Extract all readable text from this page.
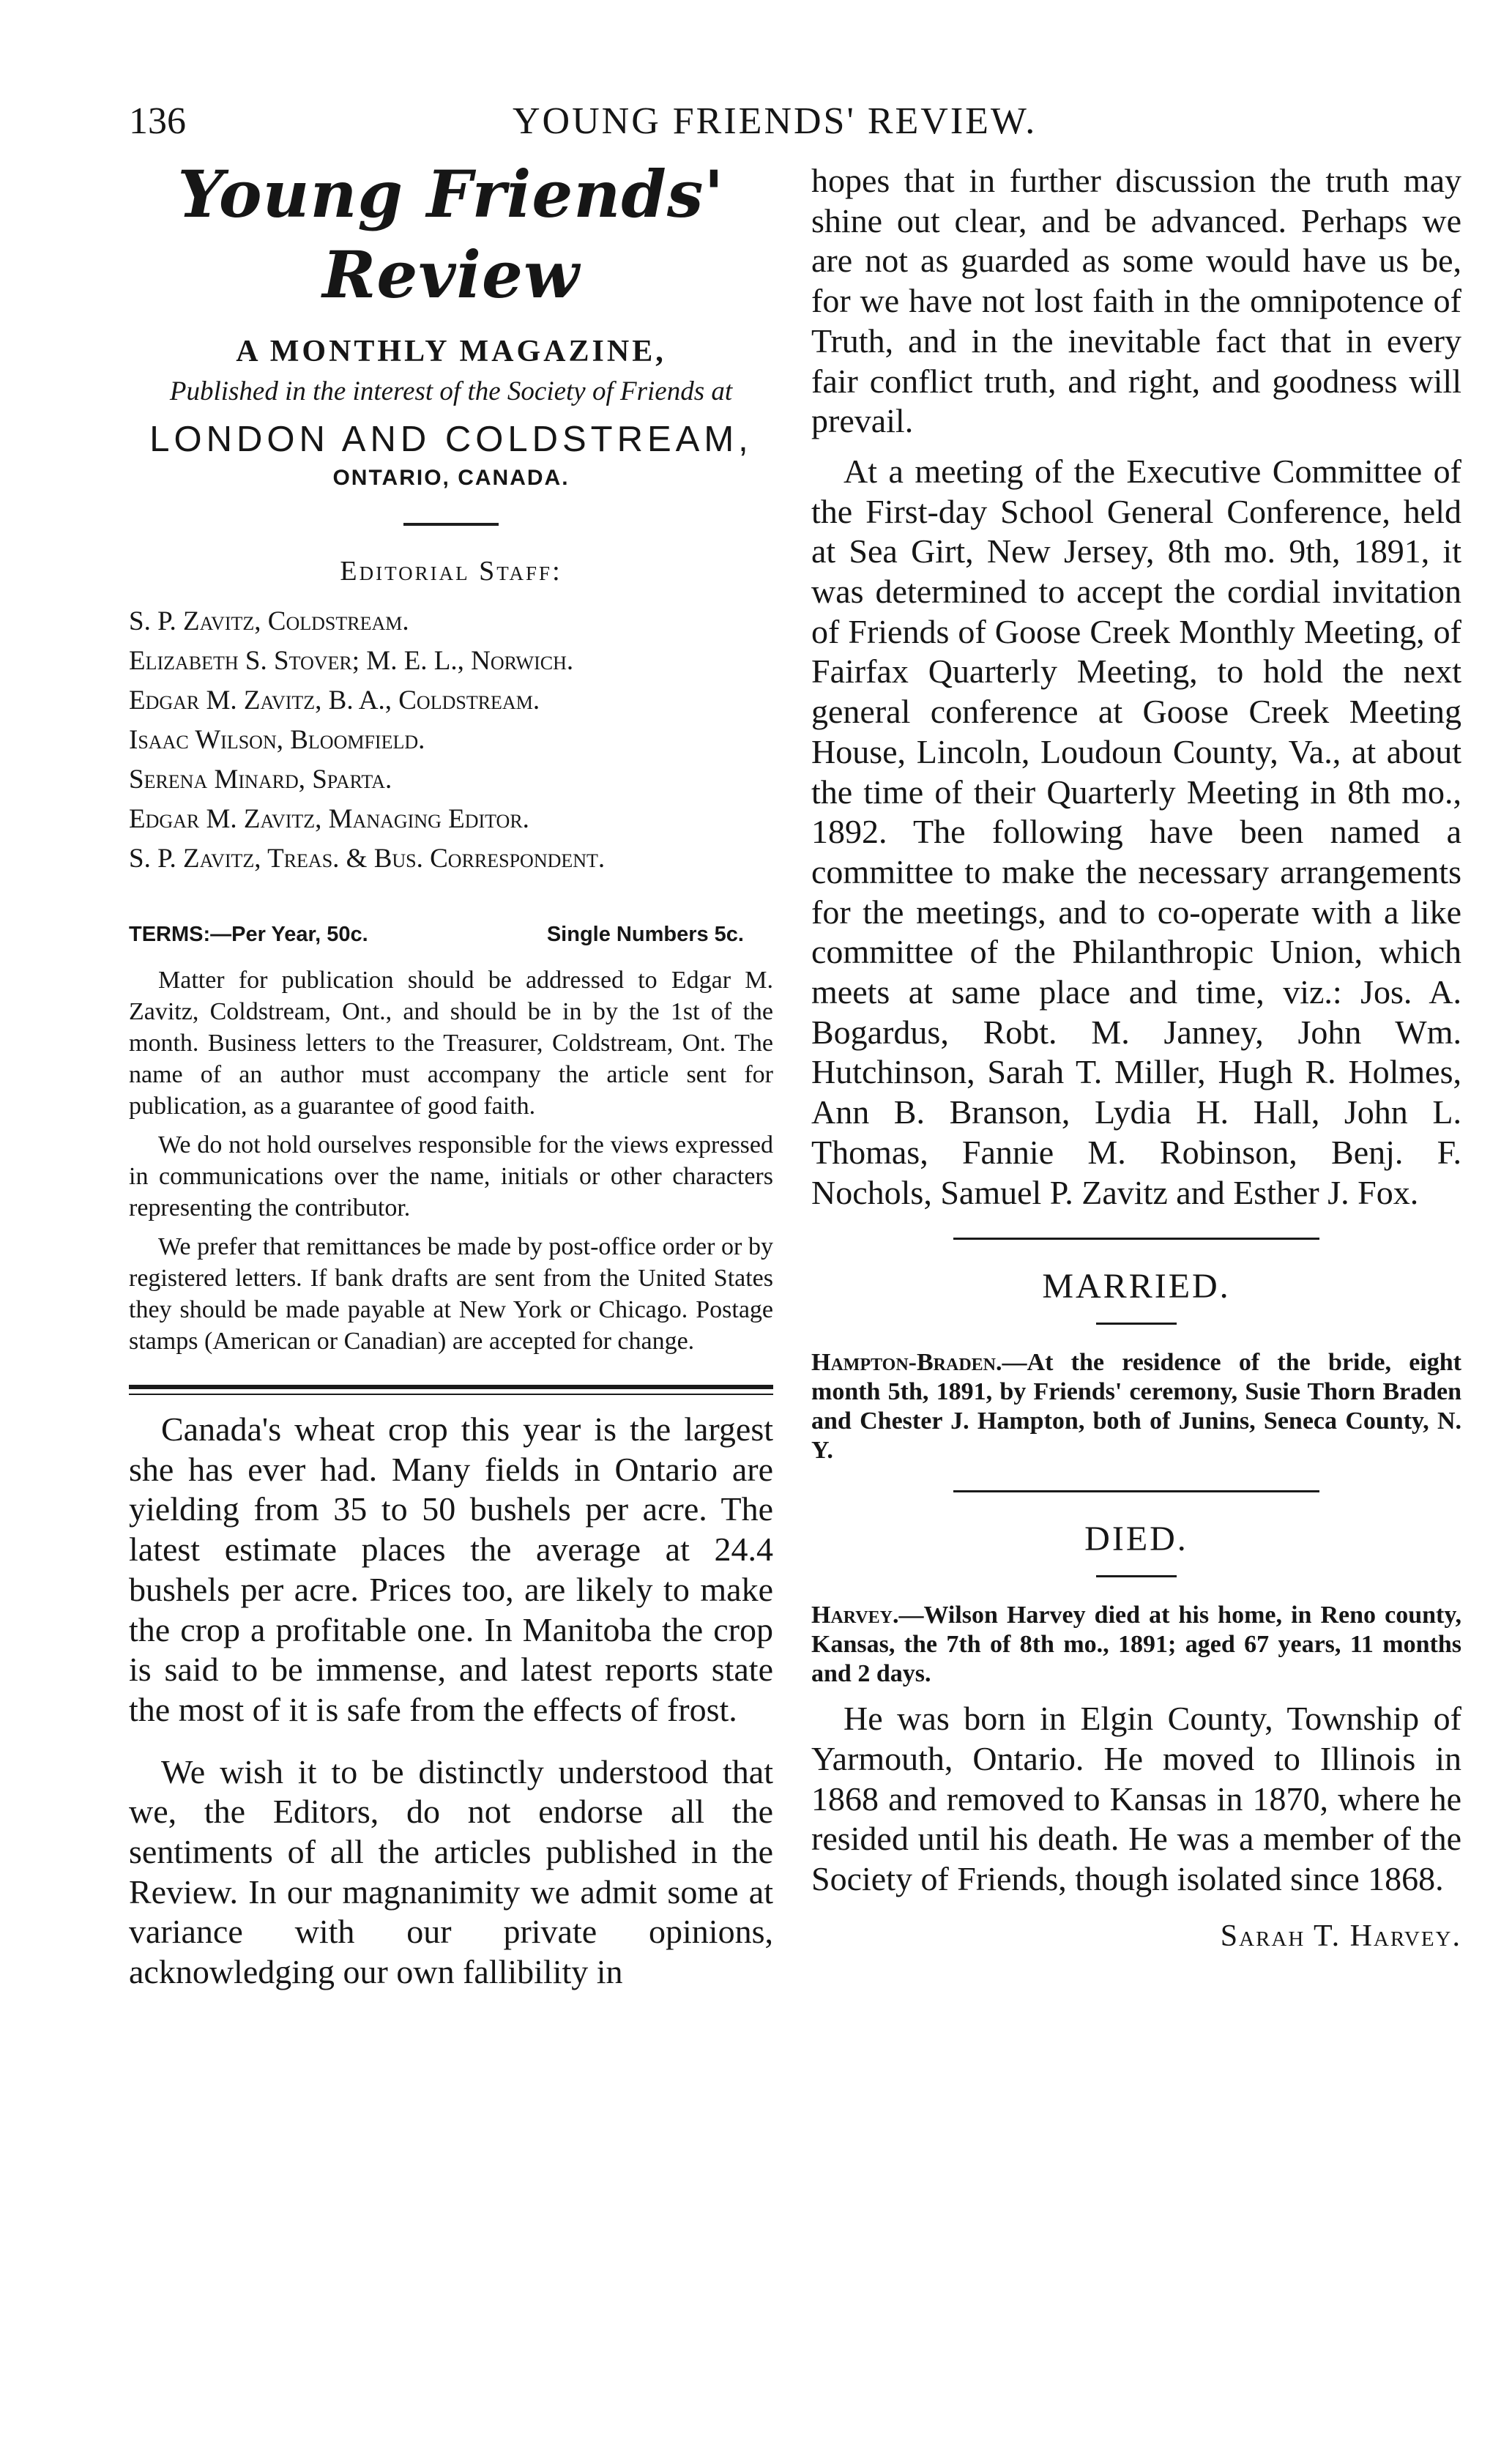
136	YOUNG FRIENDS' REVIEW.
Young Friends' Review
A MONTHLY MAGAZINE,
Published in the interest of the Society of Friends at
LONDON AND COLDSTREAM,
ONTARIO, CANADA.
Editorial Staff:
S. P. Zavitz, Coldstream.
Elizabeth S. Stover; M. E. L., Norwich.
Edgar M. Zavitz, B. A., Coldstream.
Isaac Wilson, Bloomfield.
Serena Minard, Sparta.
Edgar M. Zavitz, Managing Editor.
S. P. Zavitz, Treas. & Bus. Correspondent.
TERMS:—Per Year, 50c.	Single Numbers 5c.

Matter for publication should be addressed to Edgar M. Zavitz, Coldstream, Ont., and should be in by the 1st of the month. Business letters to the Treasurer, Coldstream, Ont. The name of an author must accompany the article sent for publication, as a guarantee of good faith.

We do not hold ourselves responsible for the views expressed in communications over the name, initials or other characters representing the contributor.

We prefer that remittances be made by post-office order or by registered letters. If bank drafts are sent from the United States they should be made payable at New York or Chicago. Postage stamps (American or Canadian) are accepted for change.

Canada's wheat crop this year is the largest she has ever had. Many fields in Ontario are yielding from 35 to 50 bushels per acre. The latest estimate places the average at 24.4 bushels per acre. Prices too, are likely to make the crop a profitable one. In Manitoba the crop is said to be immense, and latest reports state the most of it is safe from the effects of frost.

We wish it to be distinctly understood that we, the Editors, do not endorse all the sentiments of all the articles published in the Review. In our magnanimity we admit some at variance with our private opinions, acknowledging our own fallibility in

hopes that in further discussion the truth may shine out clear, and be advanced. Perhaps we are not as guarded as some would have us be, for we have not lost faith in the omnipotence of Truth, and in the inevitable fact that in every fair conflict truth, and right, and goodness will prevail.

At a meeting of the Executive Committee of the First-day School General Conference, held at Sea Girt, New Jersey, 8th mo. 9th, 1891, it was determined to accept the cordial invitation of Friends of Goose Creek Monthly Meeting, of Fairfax Quarterly Meeting, to hold the next general conference at Goose Creek Meeting House, Lincoln, Loudoun County, Va., at about the time of their Quarterly Meeting in 8th mo., 1892. The following have been named a committee to make the necessary arrangements for the meetings, and to co-operate with a like committee of the Philanthropic Union, which meets at same place and time, viz.: Jos. A. Bogardus, Robt. M. Janney, John Wm. Hutchinson, Sarah T. Miller, Hugh R. Holmes, Ann B. Branson, Lydia H. Hall, John L. Thomas, Fannie M. Robinson, Benj. F. Nochols, Samuel P. Zavitz and Esther J. Fox.

MARRIED.
Hampton-Braden.—At the residence of the bride, eight month 5th, 1891, by Friends' ceremony, Susie Thorn Braden and Chester J. Hampton, both of Junins, Seneca County, N. Y.
DIED.
Harvey.—Wilson Harvey died at his home, in Reno county, Kansas, the 7th of 8th mo., 1891; aged 67 years, 11 months and 2 days.

He was born in Elgin County, Township of Yarmouth, Ontario. He moved to Illinois in 1868 and removed to Kansas in 1870, where he resided until his death. He was a member of the Society of Friends, though isolated since 1868.

Sarah T. Harvey.
